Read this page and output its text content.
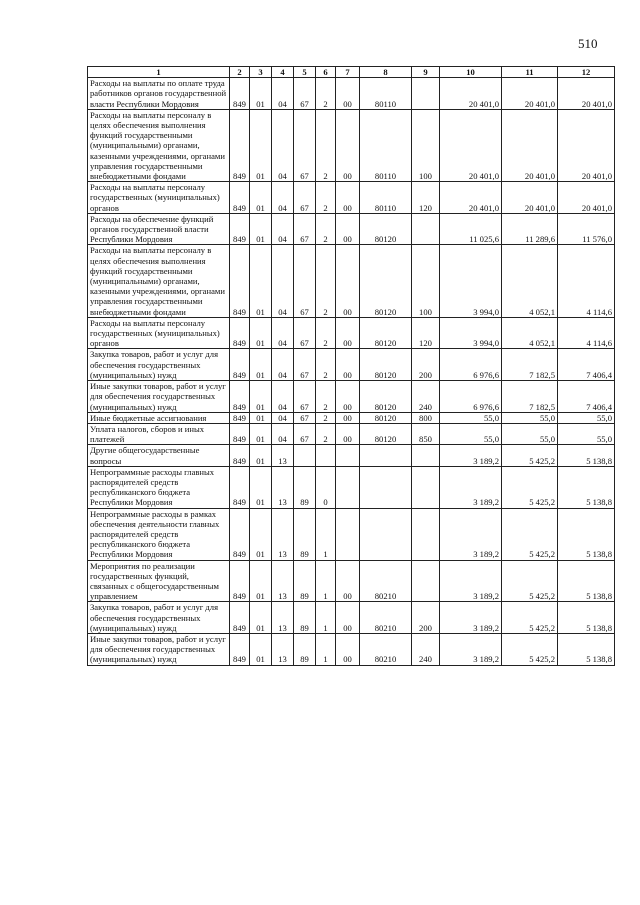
510
1	2	3	4	5	6	7	8	9	10	11	12
Расходы на выплаты по оплате труда работников органов государственной власти Республики Мордовия	849	01	04	67	2	00	80110		20 401,0	20 401,0	20 401,0
Расходы на выплаты персоналу в целях обеспечения выполнения функций государственными (муниципальными) органами, казенными учреждениями, органами управления государственными внебюджетными фондами	849	01	04	67	2	00	80110	100	20 401,0	20 401,0	20 401,0
Расходы на выплаты персоналу государственных (муниципальных) органов	849	01	04	67	2	00	80110	120	20 401,0	20 401,0	20 401,0
Расходы на обеспечение функций органов государственной власти Республики Мордовия	849	01	04	67	2	00	80120		11 025,6	11 289,6	11 576,0
Расходы на выплаты персоналу в целях обеспечения выполнения функций государственными (муниципальными) органами, казенными учреждениями, органами управления государственными внебюджетными фондами	849	01	04	67	2	00	80120	100	3 994,0	4 052,1	4 114,6
Расходы на выплаты персоналу государственных (муниципальных) органов	849	01	04	67	2	00	80120	120	3 994,0	4 052,1	4 114,6
Закупка товаров, работ и услуг для обеспечения государственных (муниципальных) нужд	849	01	04	67	2	00	80120	200	6 976,6	7 182,5	7 406,4
Иные закупки товаров, работ и услуг для обеспечения государственных (муниципальных) нужд	849	01	04	67	2	00	80120	240	6 976,6	7 182,5	7 406,4
Иные бюджетные ассигнования	849	01	04	67	2	00	80120	800	55,0	55,0	55,0
Уплата налогов, сборов и иных платежей	849	01	04	67	2	00	80120	850	55,0	55,0	55,0
Другие общегосударственные вопросы	849	01	13						3 189,2	5 425,2	5 138,8
Непрограммные расходы главных распорядителей средств республиканского бюджета Республики Мордовия	849	01	13	89	0				3 189,2	5 425,2	5 138,8
Непрограммные расходы в рамках обеспечения деятельности главных распорядителей средств республиканского бюджета Республики Мордовия	849	01	13	89	1				3 189,2	5 425,2	5 138,8
Мероприятия по реализации государственных функций, связанных с общегосударственным управлением	849	01	13	89	1	00	80210		3 189,2	5 425,2	5 138,8
Закупка товаров, работ и услуг для обеспечения государственных (муниципальных) нужд	849	01	13	89	1	00	80210	200	3 189,2	5 425,2	5 138,8
Иные закупки товаров, работ и услуг для обеспечения государственных (муниципальных) нужд	849	01	13	89	1	00	80210	240	3 189,2	5 425,2	5 138,8
